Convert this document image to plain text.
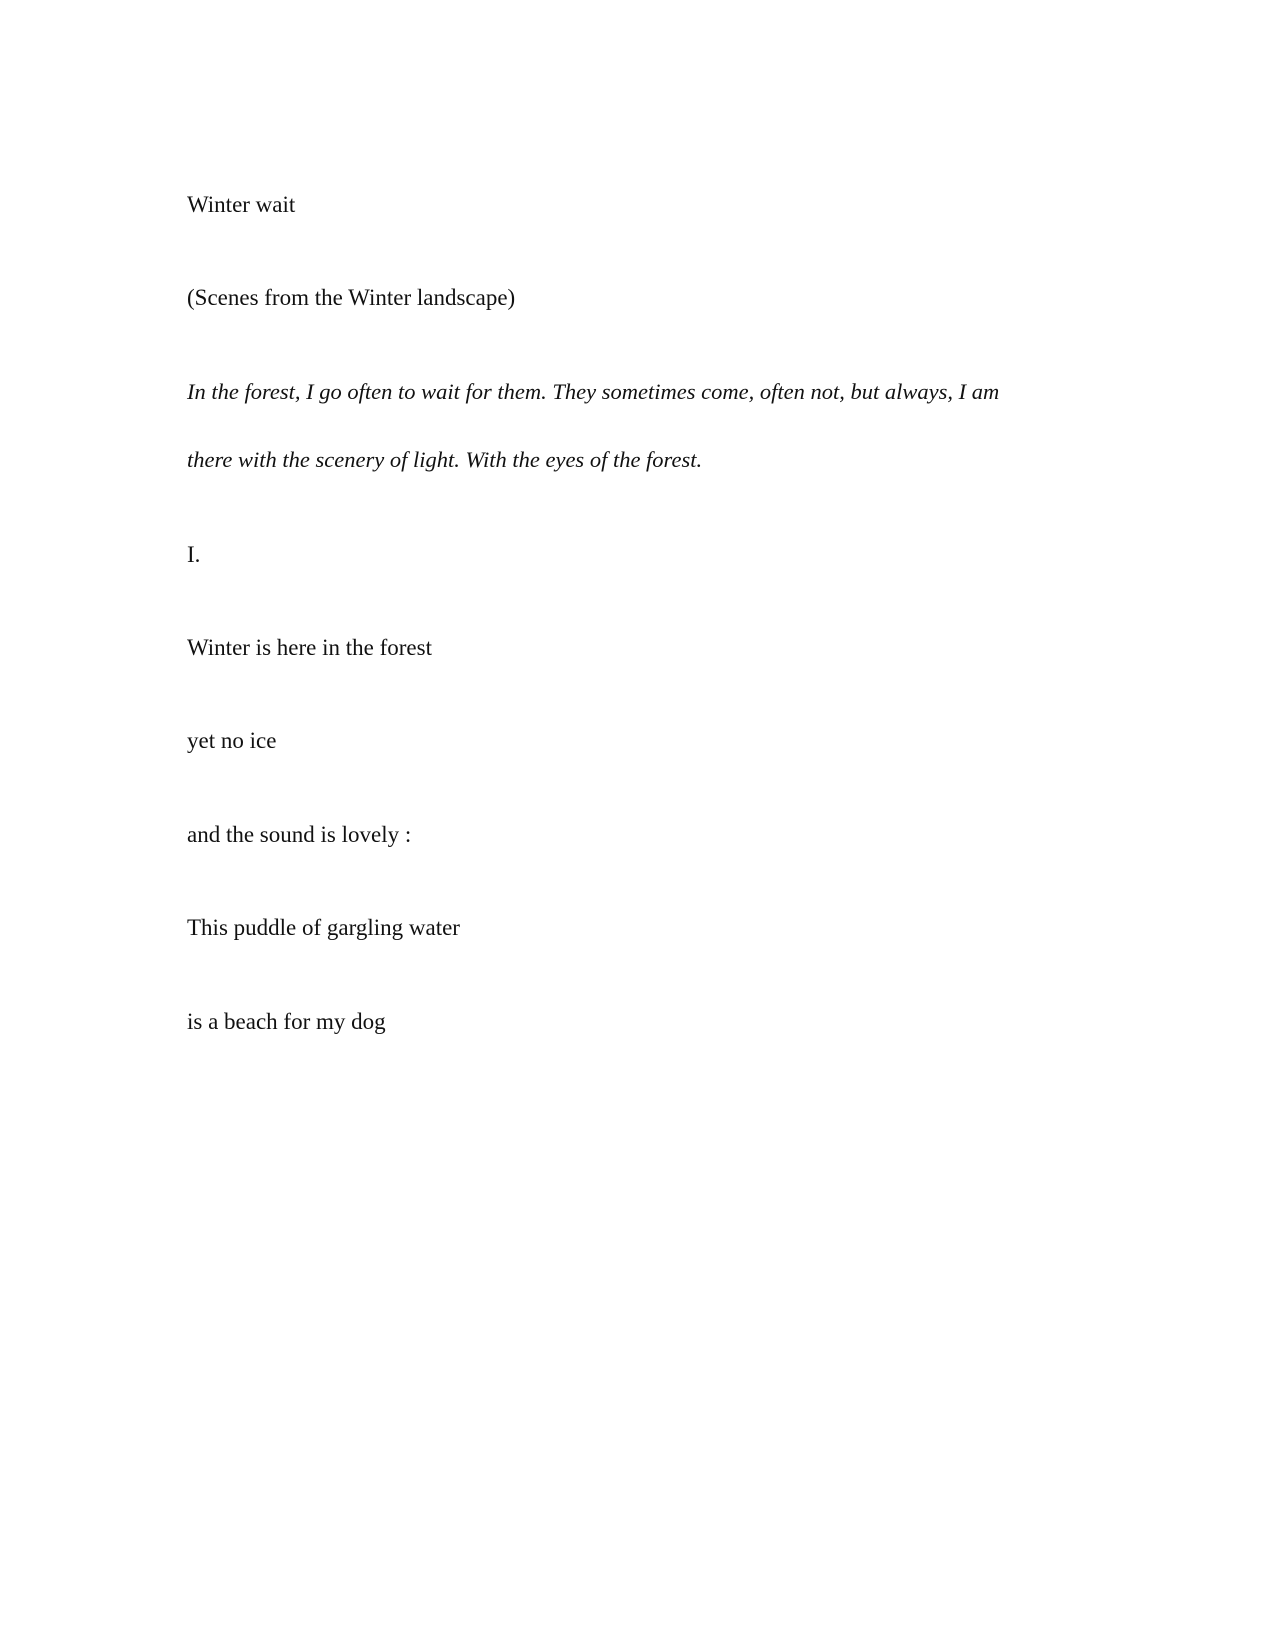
Winter wait

(Scenes from the Winter landscape)

In the forest, I go often to wait for them. They sometimes come, often not, but always, I am

there with the scenery of light. With the eyes of the forest.

I.

Winter is here in the forest

yet no ice

and the sound is lovely :

This puddle of gargling water

is a beach for my dog
